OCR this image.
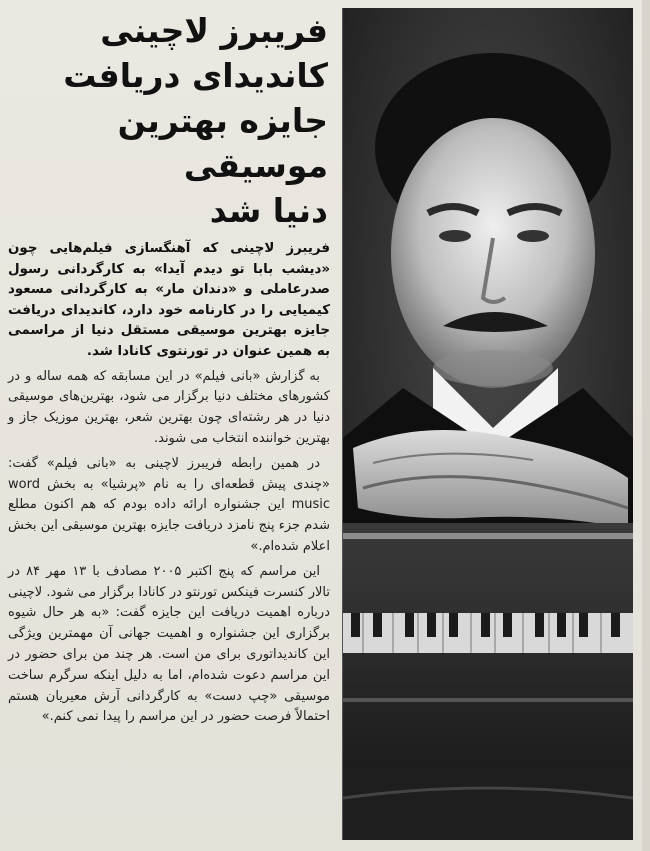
فریبرز لاچینی
کاندیدای دریافت
جایزه بهترین موسیقی
دنیا شد

فریبرز لاچینی که آهنگسازی فیلم‌هایی چون «دیشب بابا تو دیدم آیدا» به کارگردانی رسول صدرعاملی و «دندان مار» به کارگردانی مسعود کیمیایی را در کارنامه خود دارد، کاندیدای دریافت جایزه بهترین موسیقی مستقل دنیا از مراسمی به همین عنوان در تورنتوی کانادا شد.

به گزارش «بانی فیلم» در این مسابقه که همه ساله و در کشورهای مختلف دنیا برگزار می شود، بهترین‌های موسیقی دنیا در هر رشته‌ای چون بهترین شعر، بهترین موزیک جاز و بهترین خواننده انتخاب می شوند.

در همین رابطه فریبرز لاچینی به «بانی فیلم» گفت: «چندی پیش قطعه‌ای را به نام «پرشیا» به بخش word music این جشنواره ارائه داده بودم که هم اکنون مطلع شدم جزء پنج نامزد دریافت جایزه بهترین موسیقی این بخش اعلام شده‌ام.»

این مراسم که پنج اکتبر ۲۰۰۵ مصادف با ۱۳ مهر ۸۴ در تالار کنسرت فینکس تورنتو در کانادا برگزار می شود. لاچینی درباره اهمیت دریافت این جایزه گفت: «به هر حال شیوه برگزاری این جشنواره و اهمیت جهانی آن مهمترین ویژگی این کاندیداتوری برای من است. هر چند من برای حضور در این مراسم دعوت شده‌ام، اما به دلیل اینکه سرگرم ساخت موسیقی «چپ دست» به کارگردانی آرش معیریان هستم احتمالاً فرصت حضور در این مراسم را پیدا نمی کنم.»
